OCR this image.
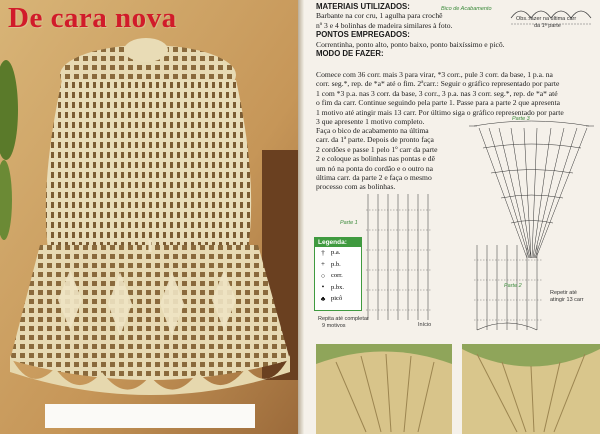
De cara nova	MATERIAIS UTILIZADOS:

Barbante na cor cru, 1 agulha para crochê

nº 3 e 4 bolinhas de madeira similares à foto.

PONTOS EMPREGADOS:

Correntinha, ponto alto, ponto baixo, ponto baixíssimo e picô.

MODO DE FAZER:

Bico de Acabamento
Obs.:fazer na última carr
da 1ª parte

Comece com 36 corr. mais 3 para virar, *3 corr., pule 3 corr. da base, 1 p.a. na

corr. seg.*, rep. de *a* até o fim. 2ªcarr.: Seguir o gráfico representado por parte

1 com *3 p.a. nas 3 corr. da base, 3 corr., 3 p.a. nas 3 corr. seg.*, rep. de *a* até

o fim da carr. Continue seguindo pela parte 1. Passe para a parte 2 que apresenta

1 motivo até atingir mais 13 carr. Por último siga o gráfico representado por parte

3 que apresente 1 motivo completo.

Faça o bico de acabamento na última

carr. da 1ª parte. Depois de pronto faça

2 cordões e passe 1 pelo 1º carr da parte

2 e coloque as bolinhas nas pontas e dê

um nó na ponta do cordão e o outro na

última carr. da parte 2 e faça o mesmo

processo com as bolinhas.

Parte 3
Parte 1
Parte 2
Repetir até
atingir 13 carr
Repita até completar
9 motivos	Início
Legenda:
† p.a.
+ p.b.
○ corr.
•	p.bx.
♣ picô
